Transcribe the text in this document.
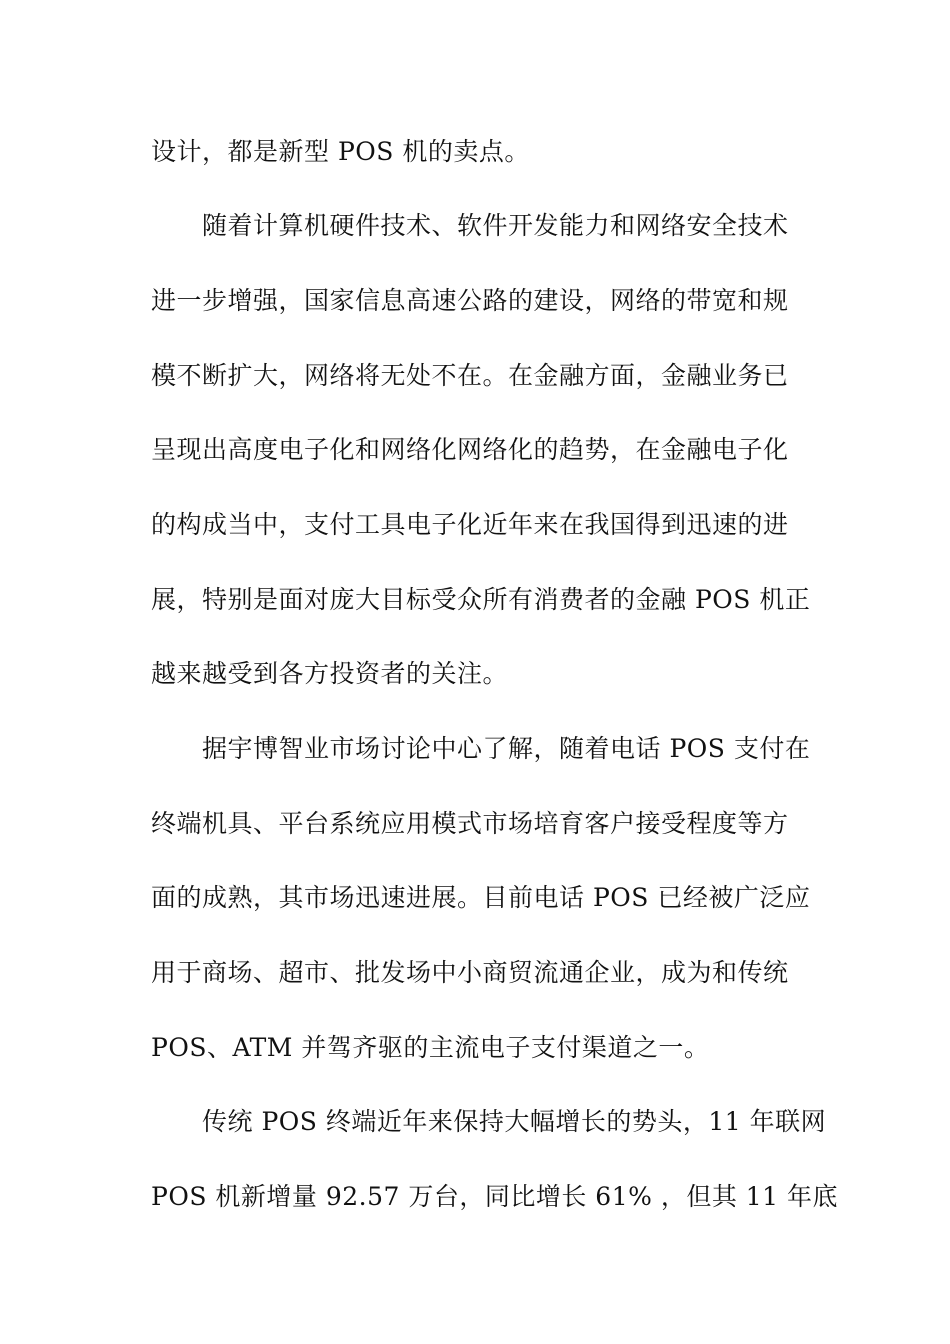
设计，都是新型 POS 机的卖点。
随着计算机硬件技术、软件开发能力和网络安全技术
进一步增强，国家信息高速公路的建设，网络的带宽和规
模不断扩大，网络将无处不在。在金融方面，金融业务已
呈现出高度电子化和网络化网络化的趋势，在金融电子化
的构成当中，支付工具电子化近年来在我国得到迅速的进
展，特别是面对庞大目标受众所有消费者的金融 POS 机正
越来越受到各方投资者的关注。
据宇博智业市场讨论中心了解，随着电话 POS 支付在
终端机具、平台系统应用模式市场培育客户接受程度等方
面的成熟，其市场迅速进展。目前电话 POS 已经被广泛应
用于商场、超市、批发场中小商贸流通企业，成为和传统
POS、ATM 并驾齐驱的主流电子支付渠道之一。
传统 POS 终端近年来保持大幅增长的势头，11 年联网
POS 机新增量 92.57 万台，同比增长 61% ，但其 11 年底
